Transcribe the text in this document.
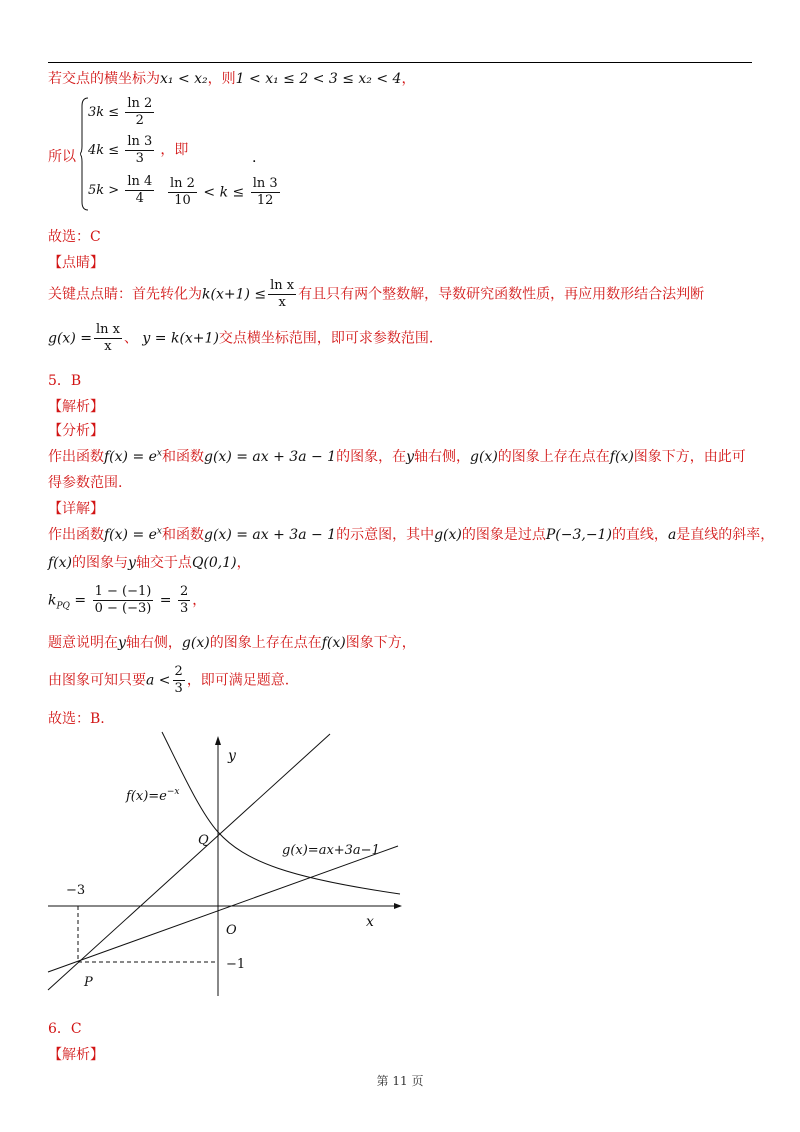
若交点的横坐标为x₁ < x₂，则1 < x₁ ≤ 2 < 3 ≤ x₂ < 4，
所以
$3k \le \frac{\ln 2}{2}$
$4k \le \frac{\ln 3}{3}$ ，即
$5k > \frac{\ln 4}{4}$
.
$\frac{\ln 2}{10} < k \le \frac{\ln 3}{12}$
故选：C
【点睛】
关键点点睛：首先转化为$k(x+1) \le \frac{\text{ln x}}{x}$ 有且只有两个整数解，导数研究函数性质，再应用数形结合法判断
$g(x) = \frac{\text{ln x}}{x}$ 、 y = k(x+1)交点横坐标范围，即可求参数范围.
5．B
【解析】
【分析】
作出函数$f(x) = e^x$和函数g(x) = ax + 3a − 1的图象，在y轴右侧，g(x)的图象上存在点在f(x)图象下方，由此可
得参数范围.
【详解】
作出函数$f(x) = e^x$和函数g(x) = ax + 3a − 1的示意图，其中g(x)的图象是过点P(−3,−1)的直线，a是直线的斜率，
f(x)的图象与y轴交于点Q(0,1)，
$k_{PQ} = \frac{1 - (-1)}{0 - (-3)} = \frac{2}{3}$ ，
题意说明在y轴右侧，g(x)的图象上存在点在f(x)图象下方，
由图象可知只要$a < \frac{2}{3}$ ，即可满足题意.
故选：B.
$f(x)=e^{-x}$
g(x)=ax+3a−1
y
x
O
Q
P
−3
−1
6．C
【解析】
第 11 页
